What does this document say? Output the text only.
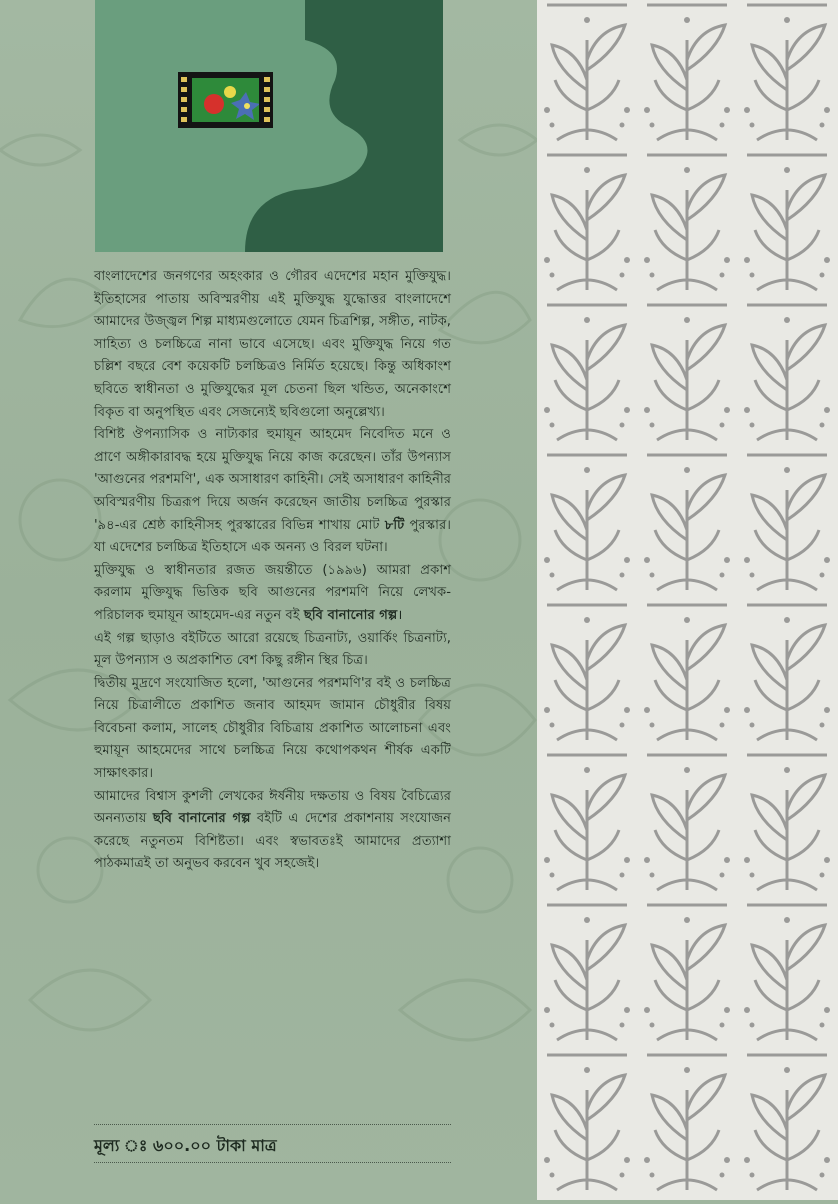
বাংলাদেশের জনগণের অহংকার ও গৌরব এদেশের মহান মুক্তিযুদ্ধ। ইতিহাসের পাতায় অবিস্মরণীয় এই মুক্তিযুদ্ধ যুদ্ধোত্তর বাংলাদেশে আমাদের উজ্জ্বল শিল্প মাধ্যমগুলোতে যেমন চিত্রশিল্প, সঙ্গীত, নাটক, সাহিত্য ও চলচ্চিত্রে নানা ভাবে এসেছে। এবং মুক্তিযুদ্ধ নিয়ে গত চল্লিশ বছরে বেশ কয়েকটি চলচ্চিত্রও নির্মিত হয়েছে। কিন্তু অধিকাংশ ছবিতে স্বাধীনতা ও মুক্তিযুদ্ধের মূল চেতনা ছিল খন্ডিত, অনেকাংশে বিকৃত বা অনুপস্থিত এবং সেজন্যেই ছবিগুলো অনুল্লেখ্য।

বিশিষ্ট ঔপন্যাসিক ও নাট্যকার হুমায়ূন আহমেদ নিবেদিত মনে ও প্রাণে অঙ্গীকারাবদ্ধ হয়ে মুক্তিযুদ্ধ নিয়ে কাজ করেছেন। তাঁর উপন্যাস 'আগুনের পরশমণি', এক অসাধারণ কাহিনী। সেই অসাধারণ কাহিনীর অবিস্মরণীয় চিত্ররূপ দিয়ে অর্জন করেছেন জাতীয় চলচ্চিত্র পুরস্কার '৯৪-এর শ্রেষ্ঠ কাহিনীসহ পুরস্কারের বিভিন্ন শাখায় মোট ৮টি পুরস্কার। যা এদেশের চলচ্চিত্র ইতিহাসে এক অনন্য ও বিরল ঘটনা।

মুক্তিযুদ্ধ ও স্বাধীনতার রজত জয়ন্তীতে (১৯৯৬) আমরা প্রকাশ করলাম মুক্তিযুদ্ধ ভিত্তিক ছবি আগুনের পরশমণি নিয়ে লেখক-পরিচালক হুমায়ূন আহমেদ-এর নতুন বই ছবি বানানোর গল্প।

এই গল্প ছাড়াও বইটিতে আরো রয়েছে চিত্রনাট্য, ওয়ার্কিং চিত্রনাট্য, মূল উপন্যাস ও অপ্রকাশিত বেশ কিছু রঙ্গীন স্থির চিত্র।

দ্বিতীয় মুদ্রণে সংযোজিত হলো, 'আগুনের পরশমণি'র বই ও চলচ্চিত্র নিয়ে চিত্রালীতে প্রকাশিত জনাব আহমদ জামান চৌধুরীর বিষয় বিবেচনা কলাম, সালেহ চৌধুরীর বিচিত্রায় প্রকাশিত আলোচনা এবং হুমায়ূন আহমেদের সাথে চলচ্চিত্র নিয়ে কথোপকথন শীর্ষক একটি সাক্ষাৎকার।

আমাদের বিশ্বাস কুশলী লেখকের ঈর্ষনীয় দক্ষতায় ও বিষয় বৈচিত্র্যের অনন্যতায় ছবি বানানোর গল্প বইটি এ দেশের প্রকাশনায় সংযোজন করেছে নতুনতম বিশিষ্টতা। এবং স্বভাবতঃই আমাদের প্রত্যাশা পাঠকমাত্রই তা অনুভব করবেন খুব সহজেই।

মূল্য ঃ ৬০০.০০ টাকা মাত্র
